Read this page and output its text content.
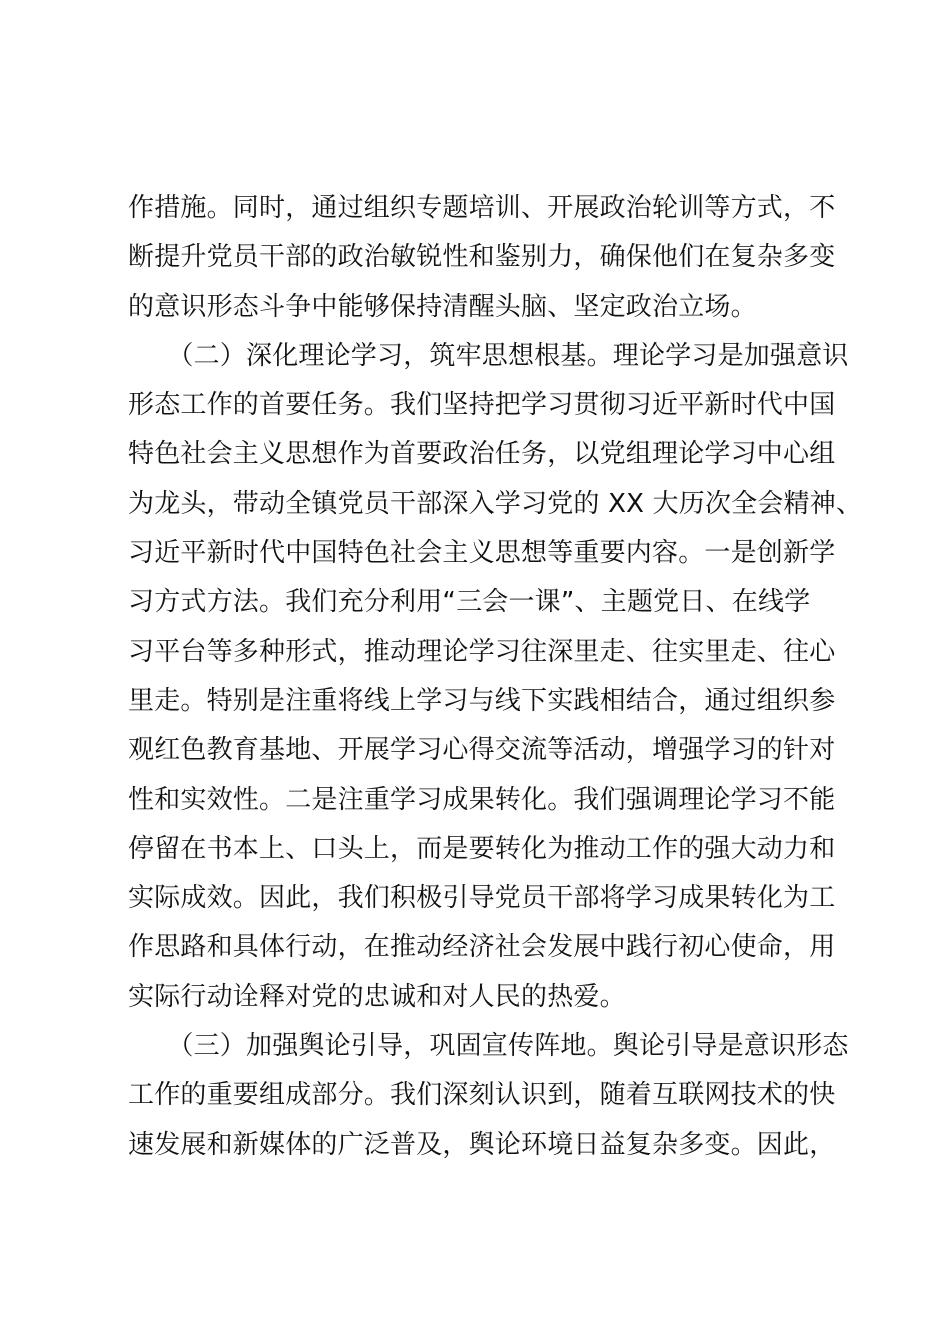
作措施。同时，通过组织专题培训、开展政治轮训等方式，不
断提升党员干部的政治敏锐性和鉴别力，确保他们在复杂多变
的意识形态斗争中能够保持清醒头脑、坚定政治立场。
　　（二）深化理论学习，筑牢思想根基。理论学习是加强意识
形态工作的首要任务。我们坚持把学习贯彻习近平新时代中国
特色社会主义思想作为首要政治任务，以党组理论学习中心组
为龙头，带动全镇党员干部深入学习党的 XX 大历次全会精神、
习近平新时代中国特色社会主义思想等重要内容。一是创新学
习方式方法。我们充分利用“三会一课”、主题党日、在线学
习平台等多种形式，推动理论学习往深里走、往实里走、往心
里走。特别是注重将线上学习与线下实践相结合，通过组织参
观红色教育基地、开展学习心得交流等活动，增强学习的针对
性和实效性。二是注重学习成果转化。我们强调理论学习不能
停留在书本上、口头上，而是要转化为推动工作的强大动力和
实际成效。因此，我们积极引导党员干部将学习成果转化为工
作思路和具体行动，在推动经济社会发展中践行初心使命，用
实际行动诠释对党的忠诚和对人民的热爱。
　　（三）加强舆论引导，巩固宣传阵地。舆论引导是意识形态
工作的重要组成部分。我们深刻认识到，随着互联网技术的快
速发展和新媒体的广泛普及，舆论环境日益复杂多变。因此，
